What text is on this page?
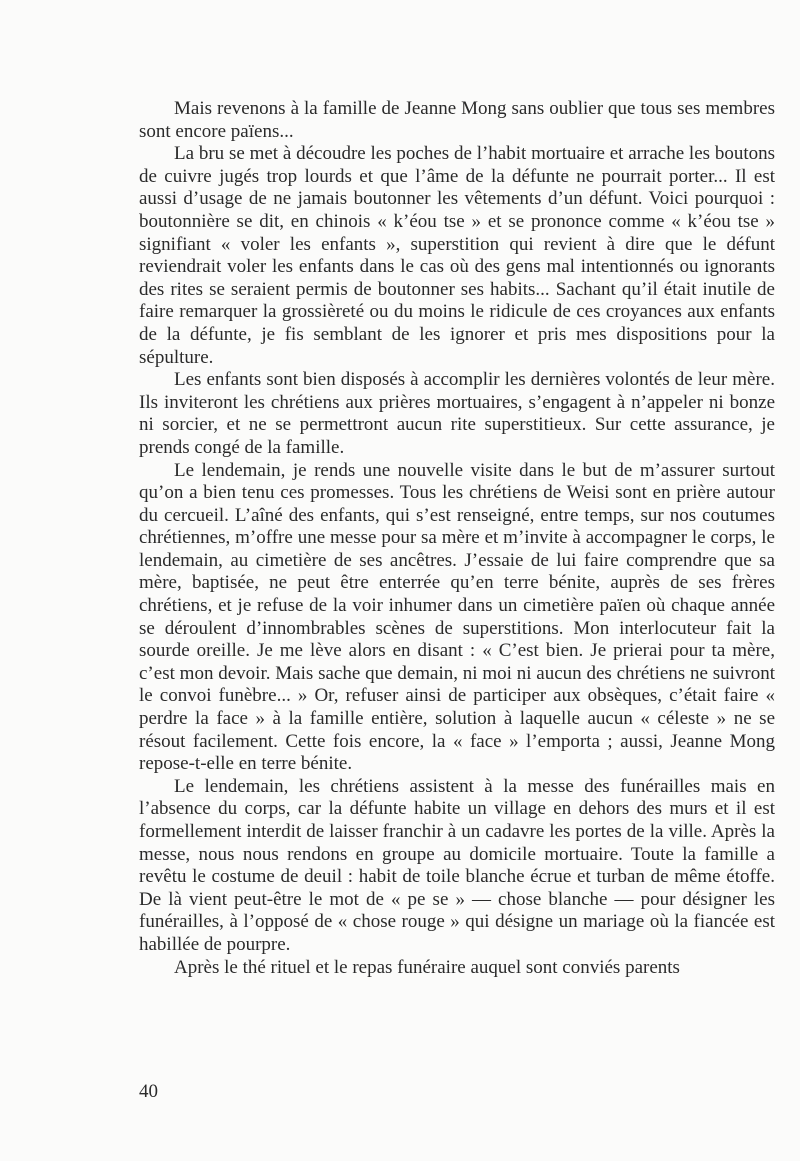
Mais revenons à la famille de Jeanne Mong sans oublier que tous ses membres sont encore païens...

La bru se met à découdre les poches de l’habit mortuaire et arrache les boutons de cuivre jugés trop lourds et que l’âme de la défunte ne pourrait porter... Il est aussi d’usage de ne jamais boutonner les vêtements d’un défunt. Voici pourquoi : boutonnière se dit, en chinois « k’éou tse » et se prononce comme « k’éou tse » signifiant « voler les enfants », superstition qui revient à dire que le défunt reviendrait voler les enfants dans le cas où des gens mal intentionnés ou ignorants des rites se seraient permis de boutonner ses habits... Sachant qu’il était inutile de faire remarquer la grossièreté ou du moins le ridicule de ces croyances aux enfants de la défunte, je fis semblant de les ignorer et pris mes dispositions pour la sépulture.

Les enfants sont bien disposés à accomplir les dernières volontés de leur mère. Ils inviteront les chrétiens aux prières mortuaires, s’engagent à n’appeler ni bonze ni sorcier, et ne se permettront aucun rite superstitieux. Sur cette assurance, je prends congé de la famille.

Le lendemain, je rends une nouvelle visite dans le but de m’assurer surtout qu’on a bien tenu ces promesses. Tous les chrétiens de Weisi sont en prière autour du cercueil. L’aîné des enfants, qui s’est renseigné, entre temps, sur nos coutumes chrétiennes, m’offre une messe pour sa mère et m’invite à accompagner le corps, le lendemain, au cimetière de ses ancêtres. J’essaie de lui faire comprendre que sa mère, baptisée, ne peut être enterrée qu’en terre bénite, auprès de ses frères chrétiens, et je refuse de la voir inhumer dans un cimetière païen où chaque année se déroulent d’innombrables scènes de superstitions. Mon interlocuteur fait la sourde oreille. Je me lève alors en disant : « C’est bien. Je prierai pour ta mère, c’est mon devoir. Mais sache que demain, ni moi ni aucun des chrétiens ne suivront le convoi funèbre... » Or, refuser ainsi de participer aux obsèques, c’était faire « perdre la face » à la famille entière, solution à laquelle aucun « céleste » ne se résout facilement. Cette fois encore, la « face » l’emporta ; aussi, Jeanne Mong repose-t-elle en terre bénite.

Le lendemain, les chrétiens assistent à la messe des funérailles mais en l’absence du corps, car la défunte habite un village en dehors des murs et il est formellement interdit de laisser franchir à un cadavre les portes de la ville. Après la messe, nous nous rendons en groupe au domicile mortuaire. Toute la famille a revêtu le costume de deuil : habit de toile blanche écrue et turban de même étoffe. De là vient peut-être le mot de « pe se » — chose blanche — pour désigner les funérailles, à l’opposé de « chose rouge » qui désigne un mariage où la fiancée est habillée de pourpre.

Après le thé rituel et le repas funéraire auquel sont conviés parents

40
